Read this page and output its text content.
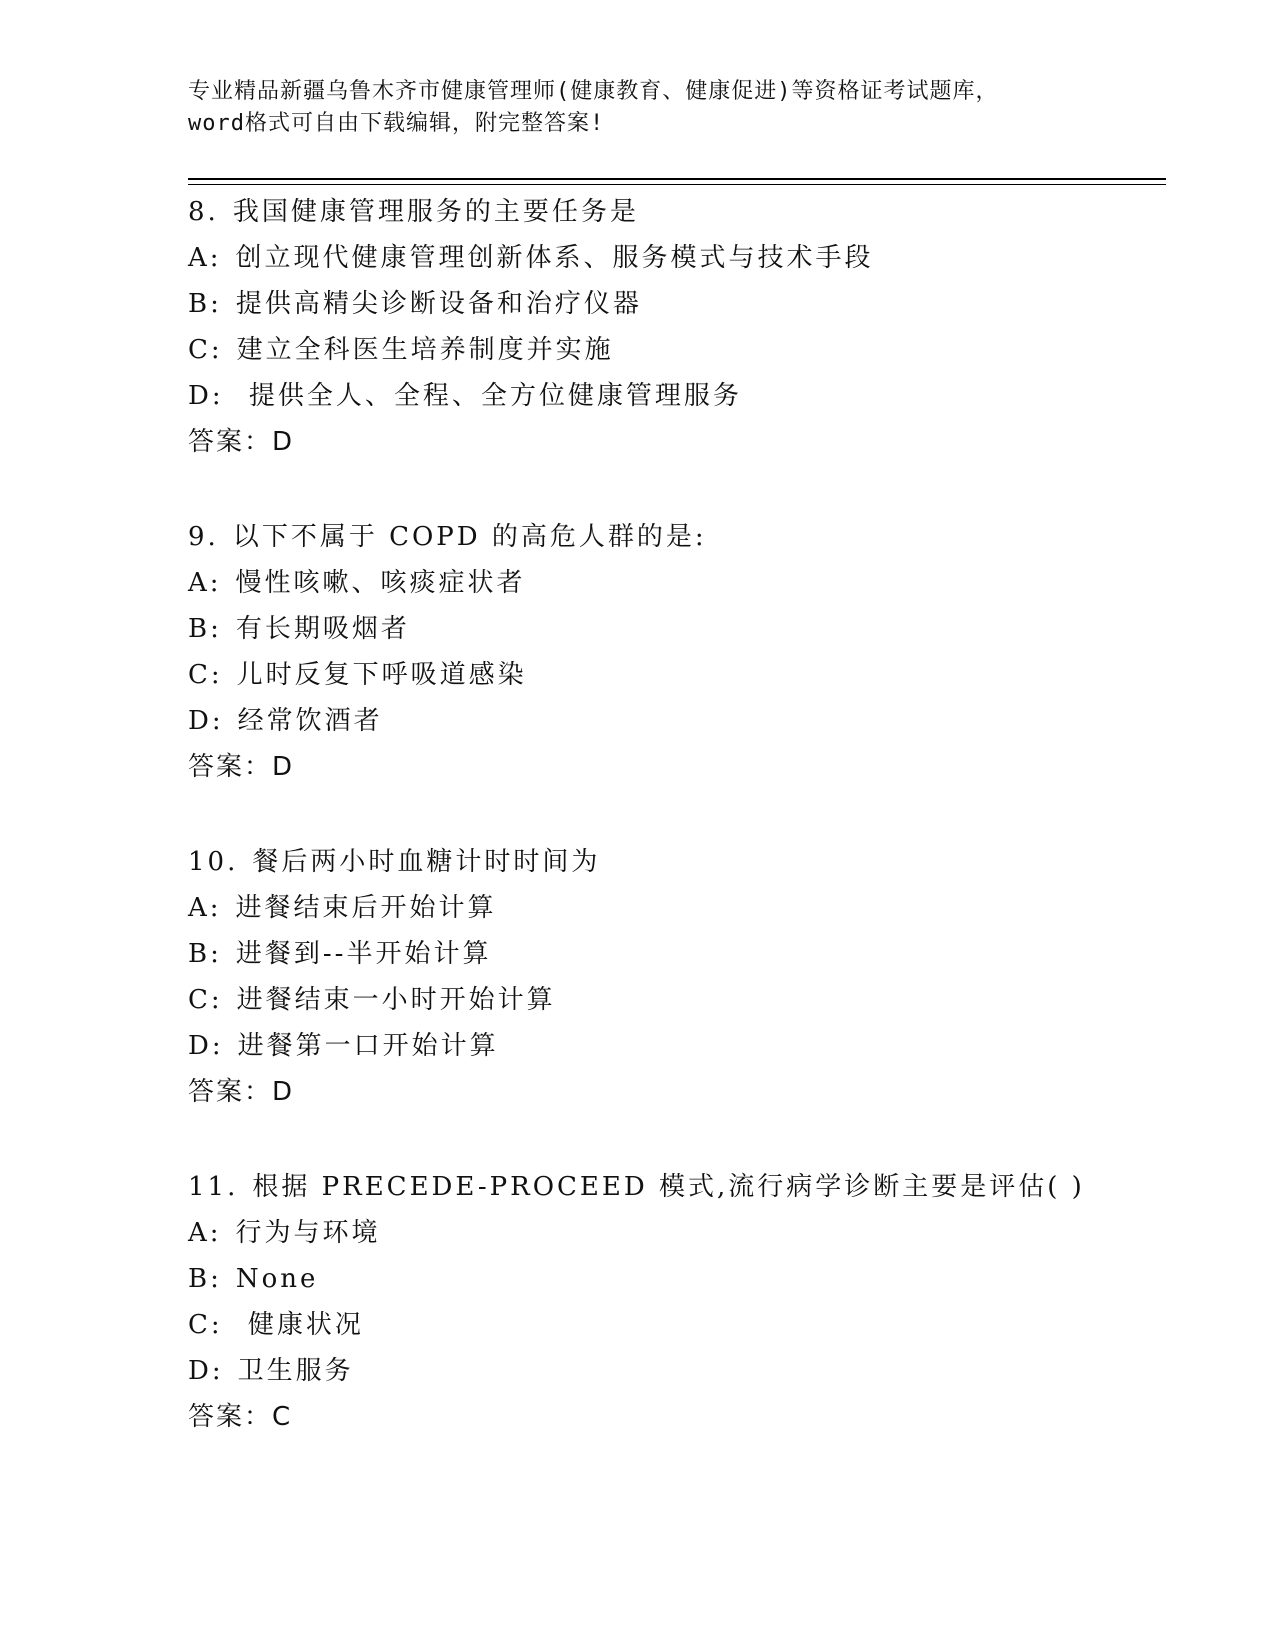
专业精品新疆乌鲁木齐市健康管理师(健康教育、健康促进)等资格证考试题库，
word格式可自由下载编辑，附完整答案!
8. 我国健康管理服务的主要任务是
A: 创立现代健康管理创新体系、服务模式与技术手段
B: 提供高精尖诊断设备和治疗仪器
C: 建立全科医生培养制度并实施
D: 提供全人、全程、全方位健康管理服务
答案：D
9. 以下不属于 COPD 的高危人群的是:
A: 慢性咳嗽、咳痰症状者
B: 有长期吸烟者
C: 儿时反复下呼吸道感染
D: 经常饮酒者
答案：D
10. 餐后两小时血糖计时时间为
A: 进餐结束后开始计算
B: 进餐到--半开始计算
C: 进餐结束一小时开始计算
D: 进餐第一口开始计算
答案：D
11. 根据 PRECEDE-PROCEED 模式,流行病学诊断主要是评估( )
A: 行为与环境
B: None
C: 健康状况
D: 卫生服务
答案：C
